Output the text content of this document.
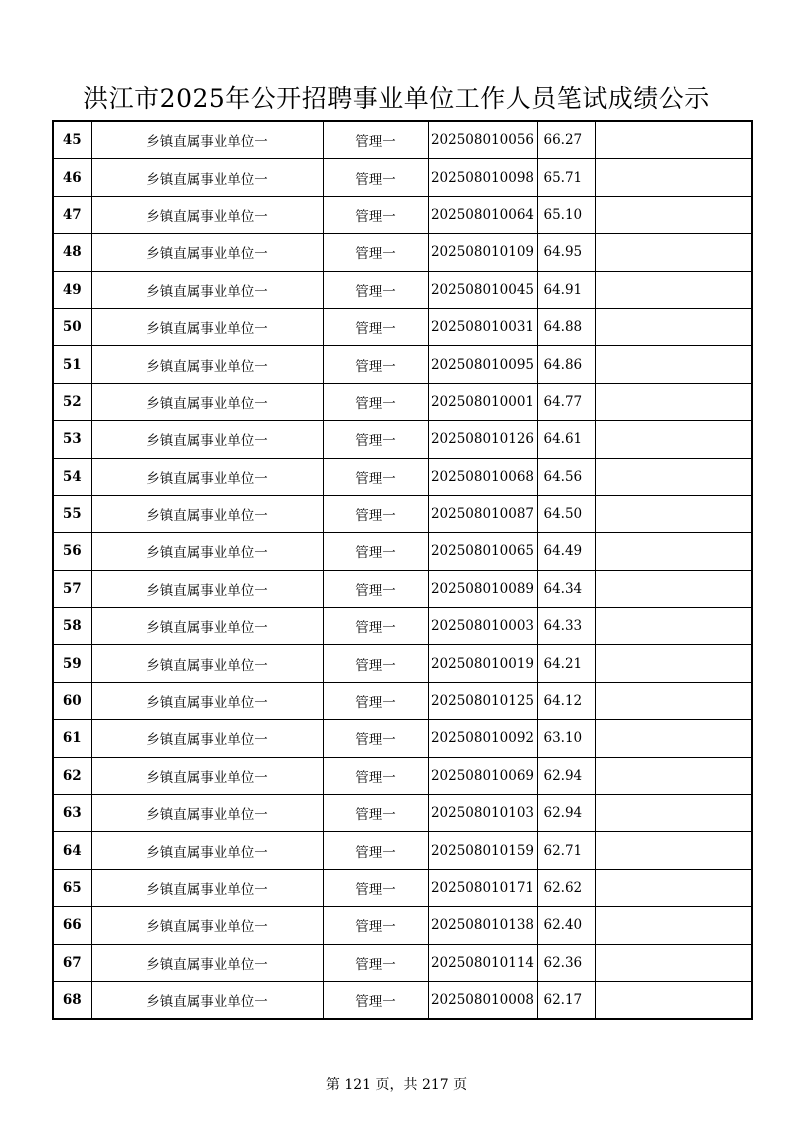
洪江市2025年公开招聘事业单位工作人员笔试成绩公示
45	乡镇直属事业单位一	管理一	202508010056	66.27	
46	乡镇直属事业单位一	管理一	202508010098	65.71	
47	乡镇直属事业单位一	管理一	202508010064	65.10	
48	乡镇直属事业单位一	管理一	202508010109	64.95	
49	乡镇直属事业单位一	管理一	202508010045	64.91	
50	乡镇直属事业单位一	管理一	202508010031	64.88	
51	乡镇直属事业单位一	管理一	202508010095	64.86	
52	乡镇直属事业单位一	管理一	202508010001	64.77	
53	乡镇直属事业单位一	管理一	202508010126	64.61	
54	乡镇直属事业单位一	管理一	202508010068	64.56	
55	乡镇直属事业单位一	管理一	202508010087	64.50	
56	乡镇直属事业单位一	管理一	202508010065	64.49	
57	乡镇直属事业单位一	管理一	202508010089	64.34	
58	乡镇直属事业单位一	管理一	202508010003	64.33	
59	乡镇直属事业单位一	管理一	202508010019	64.21	
60	乡镇直属事业单位一	管理一	202508010125	64.12	
61	乡镇直属事业单位一	管理一	202508010092	63.10	
62	乡镇直属事业单位一	管理一	202508010069	62.94	
63	乡镇直属事业单位一	管理一	202508010103	62.94	
64	乡镇直属事业单位一	管理一	202508010159	62.71	
65	乡镇直属事业单位一	管理一	202508010171	62.62	
66	乡镇直属事业单位一	管理一	202508010138	62.40	
67	乡镇直属事业单位一	管理一	202508010114	62.36	
68	乡镇直属事业单位一	管理一	202508010008	62.17	
第 121 页，共 217 页
